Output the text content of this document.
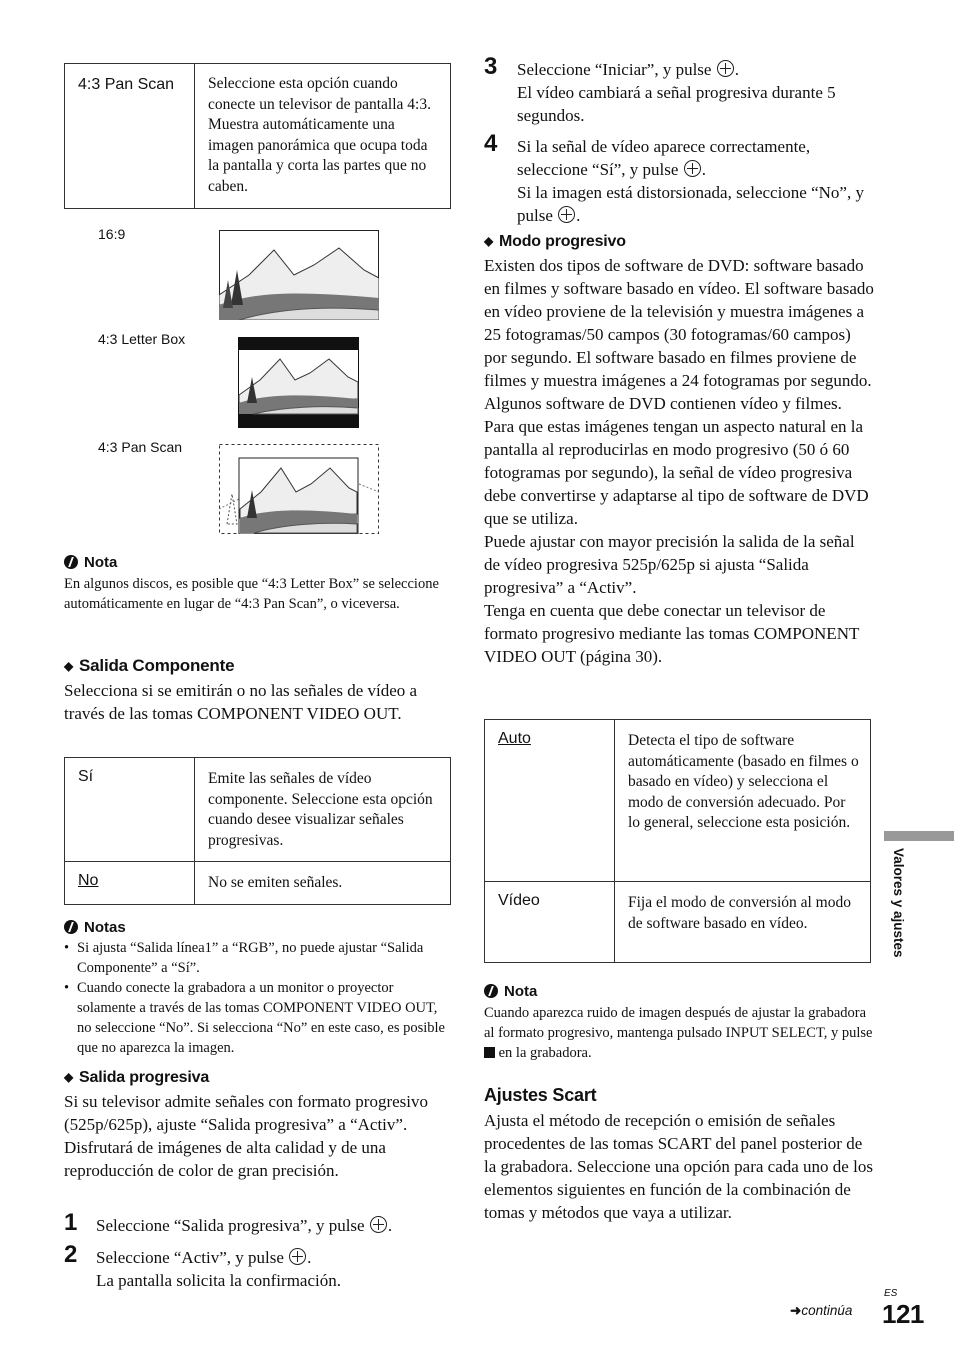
4:3 Pan Scan	Seleccione esta opción cuando conecte un televisor de pantalla 4:3. Muestra automáticamente una imagen panorámica que ocupa toda la pantalla y corta las partes que no caben.
16:9
4:3 Letter Box
4:3 Pan Scan
Nota
En algunos discos, es posible que “4:3 Letter Box” se seleccione automáticamente en lugar de “4:3 Pan Scan”, o viceversa.
◆ Salida Componente
Selecciona si se emitirán o no las señales de vídeo a través de las tomas COMPONENT VIDEO OUT.
Sí	Emite las señales de vídeo componente. Seleccione esta opción cuando desee visualizar señales progresivas.
No	No se emiten señales.
Notas
• Si ajusta “Salida línea1” a “RGB”, no puede ajustar “Salida Componente” a “Sí”.
• Cuando conecte la grabadora a un monitor o proyector solamente a través de las tomas COMPONENT VIDEO OUT, no seleccione “No”. Si selecciona “No” en este caso, es posible que no aparezca la imagen.
◆ Salida progresiva
Si su televisor admite señales con formato progresivo (525p/625p), ajuste “Salida progresiva” a “Activ”. Disfrutará de imágenes de alta calidad y de una reproducción de color de gran precisión.
1 Seleccione “Salida progresiva”, y pulse .
2 Seleccione “Activ”, y pulse .
La pantalla solicita la confirmación.
3 Seleccione “Iniciar”, y pulse .
El vídeo cambiará a señal progresiva durante 5 segundos.
4 Si la señal de vídeo aparece correctamente, seleccione “Sí”, y pulse .
Si la imagen está distorsionada, seleccione “No”, y pulse .
◆ Modo progresivo
Existen dos tipos de software de DVD: software basado en filmes y software basado en vídeo. El software basado en vídeo proviene de la televisión y muestra imágenes a 25 fotogramas/50 campos (30 fotogramas/60 campos) por segundo. El software basado en filmes proviene de filmes y muestra imágenes a 24 fotogramas por segundo. Algunos software de DVD contienen vídeo y filmes.
Para que estas imágenes tengan un aspecto natural en la pantalla al reproducirlas en modo progresivo (50 ó 60 fotogramas por segundo), la señal de vídeo progresiva debe convertirse y adaptarse al tipo de software de DVD que se utiliza.
Puede ajustar con mayor precisión la salida de la señal de vídeo progresiva 525p/625p si ajusta “Salida progresiva” a “Activ”.
Tenga en cuenta que debe conectar un televisor de formato progresivo mediante las tomas COMPONENT VIDEO OUT (página 30).
Auto	Detecta el tipo de software automáticamente (basado en filmes o basado en vídeo) y selecciona el modo de conversión adecuado. Por lo general, seleccione esta posición.
Vídeo	Fija el modo de conversión al modo de software basado en vídeo.
Nota
Cuando aparezca ruido de imagen después de ajustar la grabadora al formato progresivo, mantenga pulsado INPUT SELECT, y pulse  en la grabadora.
Ajustes Scart
Ajusta el método de recepción o emisión de señales procedentes de las tomas SCART del panel posterior de la grabadora. Seleccione una opción para cada uno de los elementos siguientes en función de la combinación de tomas y métodos que vaya a utilizar.
Valores y ajustes
➜continúa
ES
121
